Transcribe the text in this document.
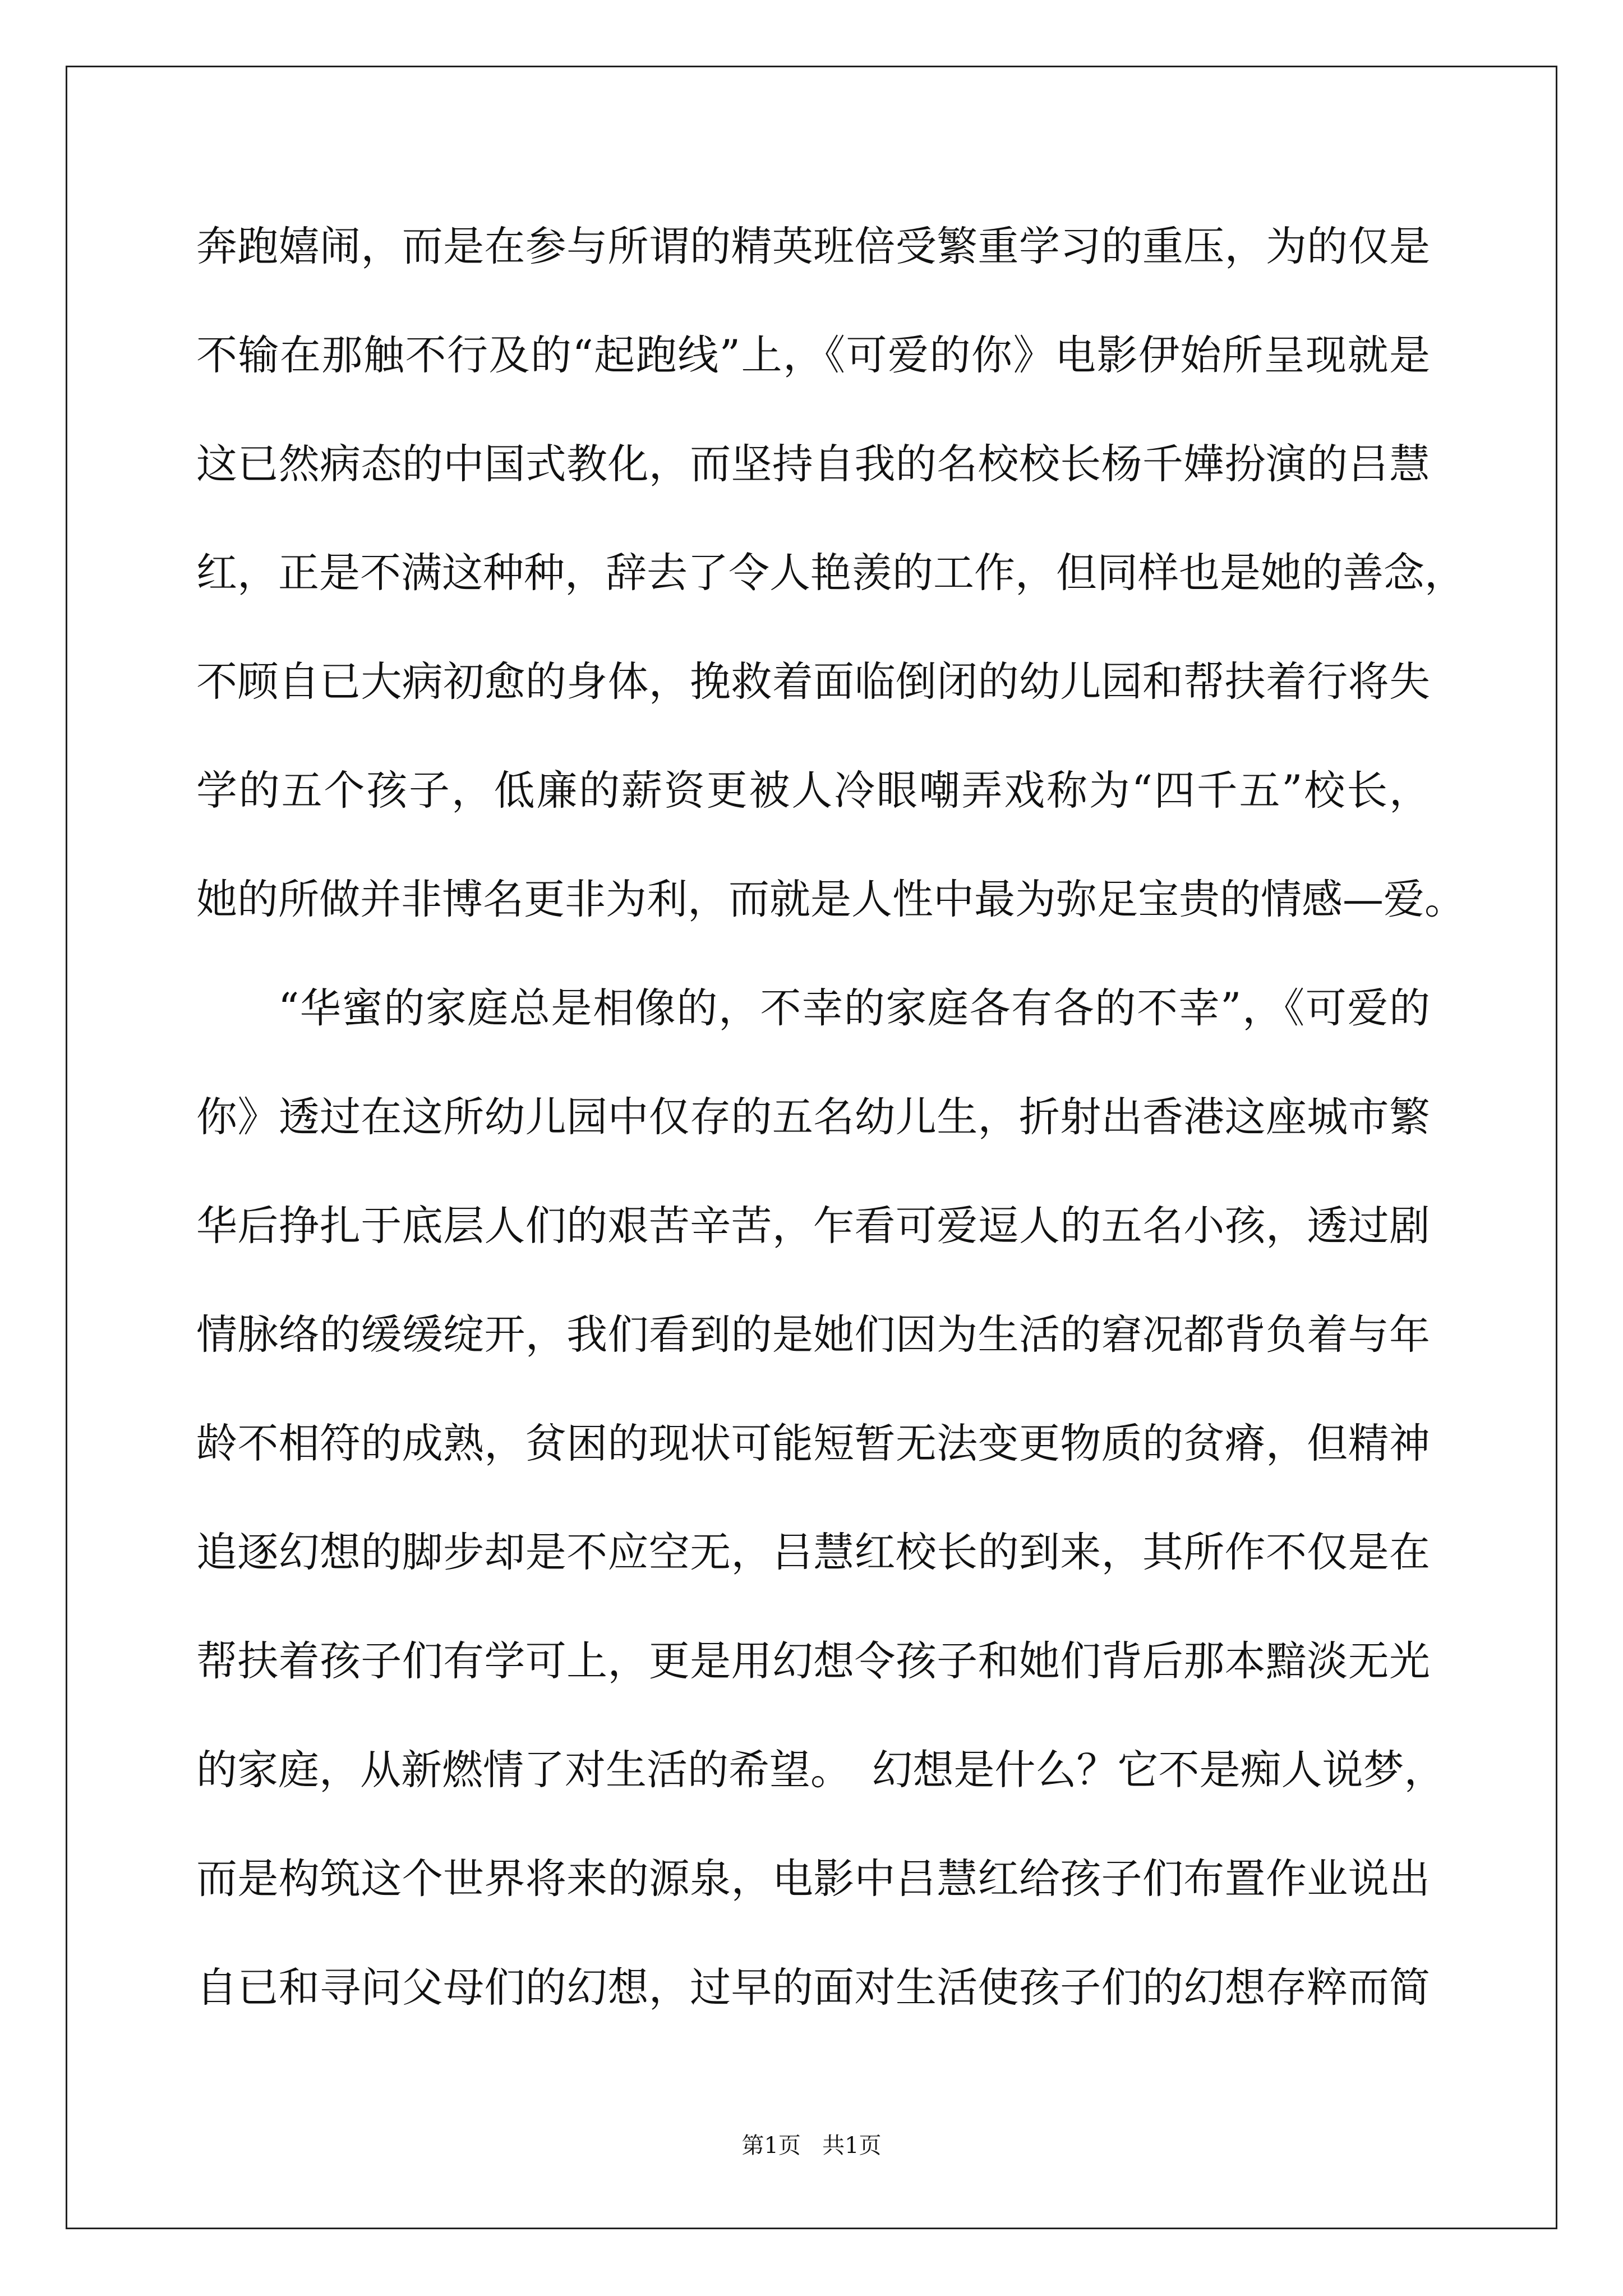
奔跑嬉闹，而是在参与所谓的精英班倍受繁重学习的重压，为的仅是
不输在那触不行及的“起跑线”上，《可爱的你》电影伊始所呈现就是
这已然病态的中国式教化，而坚持自我的名校校长杨千嬅扮演的吕慧
红，正是不满这种种，辞去了令人艳羡的工作，但同样也是她的善念，
不顾自已大病初愈的身体，挽救着面临倒闭的幼儿园和帮扶着行将失
学的五个孩子，低廉的薪资更被人冷眼嘲弄戏称为“四千五”校长，
她的所做并非博名更非为利，而就是人性中最为弥足宝贵的情感—爱。
“华蜜的家庭总是相像的，不幸的家庭各有各的不幸”，《可爱的
你》透过在这所幼儿园中仅存的五名幼儿生，折射出香港这座城市繁
华后挣扎于底层人们的艰苦辛苦，乍看可爱逗人的五名小孩，透过剧
情脉络的缓缓绽开，我们看到的是她们因为生活的窘况都背负着与年
龄不相符的成熟，贫困的现状可能短暂无法变更物质的贫瘠，但精神
追逐幻想的脚步却是不应空无，吕慧红校长的到来，其所作不仅是在
帮扶着孩子们有学可上，更是用幻想令孩子和她们背后那本黯淡无光
的家庭，从新燃情了对生活的希望。　幻想是什么？它不是痴人说梦，
而是构筑这个世界将来的源泉，电影中吕慧红给孩子们布置作业说出
自已和寻问父母们的幻想，过早的面对生活使孩子们的幻想存粹而简
第1页 共1页
